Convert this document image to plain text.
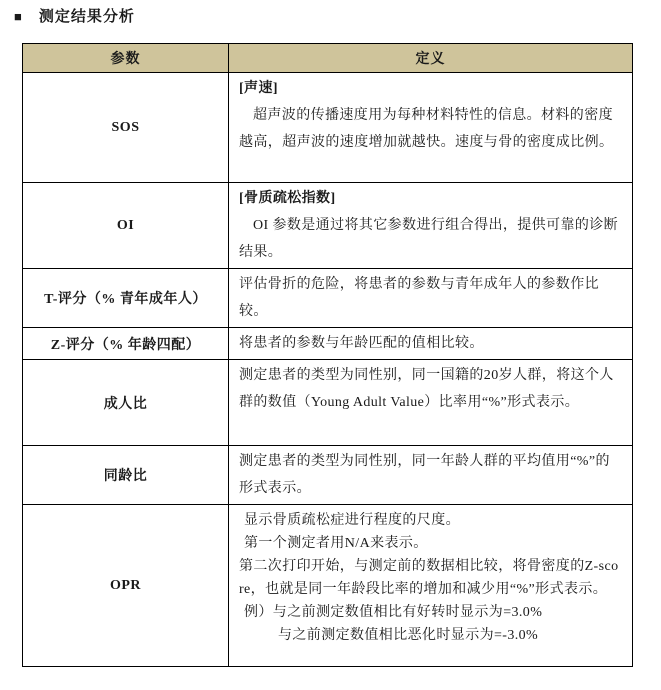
■ 测定结果分析
参数	定义
SOS	[声速]
超声波的传播速度用为每种材料特性的信息。材料的密度越高，超声波的速度增加就越快。速度与骨的密度成比例。

OI	[骨质疏松指数]
OI 参数是通过将其它参数进行组合得出，提供可靠的诊断结果。

T-评分（% 青年成年人）	评估骨折的危险，将患者的参数与青年成年人的参数作比较。

Z-评分（% 年龄四配）	将患者的参数与年龄匹配的值相比较。

成人比	测定患者的类型为同性别，同一国籍的20岁人群，将这个人群的数值（Young Adult Value）比率用“%”形式表示。

同龄比	测定患者的类型为同性别，同一年龄人群的平均值用“%”的形式表示。

OPR	显示骨质疏松症进行程度的尺度。
第一个测定者用N/A来表示。
第二次打印开始，与测定前的数据相比较，将骨密度的Z-score，也就是同一年龄段比率的增加和减少用“%”形式表示。
例）与之前测定数值相比有好转时显示为=3.0%
与之前测定数值相比恶化时显示为=-3.0%
